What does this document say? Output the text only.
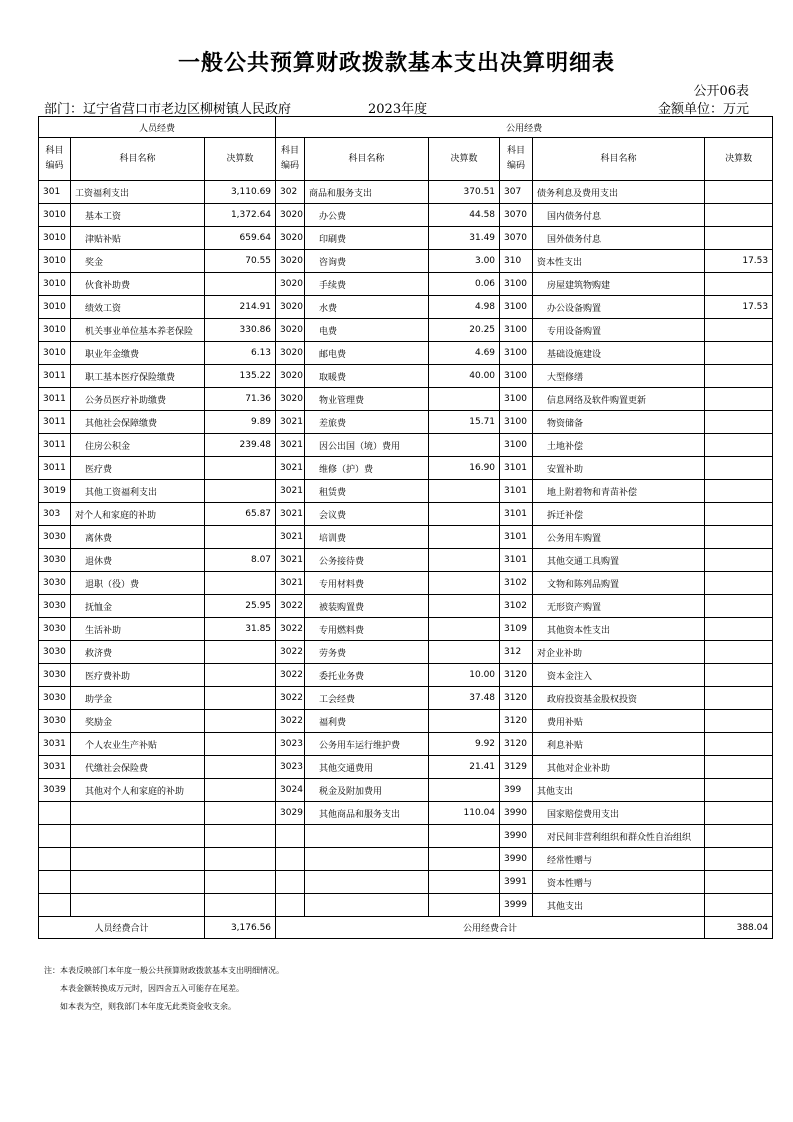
一般公共预算财政拨款基本支出决算明细表
公开06表
部门：辽宁省营口市老边区柳树镇人民政府	2023年度	金额单位：万元
人员经费			公用经费					
科目
编码	科目名称	决算数	科目
编码	科目名称	决算数	科目
编码	科目名称	决算数
301	工资福利支出	3,110.69	302	商品和服务支出	370.51	307	债务利息及费用支出	
3010	基本工资	1,372.64	3020	办公费	44.58	3070	国内债务付息	
3010	津贴补贴	659.64	3020	印刷费	31.49	3070	国外债务付息	
3010	奖金	70.55	3020	咨询费	3.00	310	资本性支出	17.53
3010	伙食补助费		3020	手续费	0.06	3100	房屋建筑物购建	
3010	绩效工资	214.91	3020	水费	4.98	3100	办公设备购置	17.53
3010	机关事业单位基本养老保险	330.86	3020	电费	20.25	3100	专用设备购置	
3010	职业年金缴费	6.13	3020	邮电费	4.69	3100	基础设施建设	
3011	职工基本医疗保险缴费	135.22	3020	取暖费	40.00	3100	大型修缮	
3011	公务员医疗补助缴费	71.36	3020	物业管理费		3100	信息网络及软件购置更新	
3011	其他社会保障缴费	9.89	3021	差旅费	15.71	3100	物资储备	
3011	住房公积金	239.48	3021	因公出国（境）费用		3100	土地补偿	
3011	医疗费		3021	维修（护）费	16.90	3101	安置补助	
3019	其他工资福利支出		3021	租赁费		3101	地上附着物和青苗补偿	
303	对个人和家庭的补助	65.87	3021	会议费		3101	拆迁补偿	
3030	离休费		3021	培训费		3101	公务用车购置	
3030	退休费	8.07	3021	公务接待费		3101	其他交通工具购置	
3030	退职（役）费		3021	专用材料费		3102	文物和陈列品购置	
3030	抚恤金	25.95	3022	被装购置费		3102	无形资产购置	
3030	生活补助	31.85	3022	专用燃料费		3109	其他资本性支出	
3030	救济费		3022	劳务费		312	对企业补助	
3030	医疗费补助		3022	委托业务费	10.00	3120	资本金注入	
3030	助学金		3022	工会经费	37.48	3120	政府投资基金股权投资	
3030	奖励金		3022	福利费		3120	费用补贴	
3031	个人农业生产补贴		3023	公务用车运行维护费	9.92	3120	利息补贴	
3031	代缴社会保险费		3023	其他交通费用	21.41	3129	其他对企业补助	
3039	其他对个人和家庭的补助		3024	税金及附加费用		399	其他支出	
			3029	其他商品和服务支出	110.04	3990	国家赔偿费用支出	
						3990	对民间非营利组织和群众性自治组织	
						3990	经常性赠与	
						3991	资本性赠与	
						3999	其他支出	
人员经费合计		3,176.56	公用经费合计					388.04
注：本表反映部门本年度一般公共预算财政拨款基本支出明细情况。
本表金额转换成万元时，因四舍五入可能存在尾差。
如本表为空，则我部门本年度无此类资金收支余。
